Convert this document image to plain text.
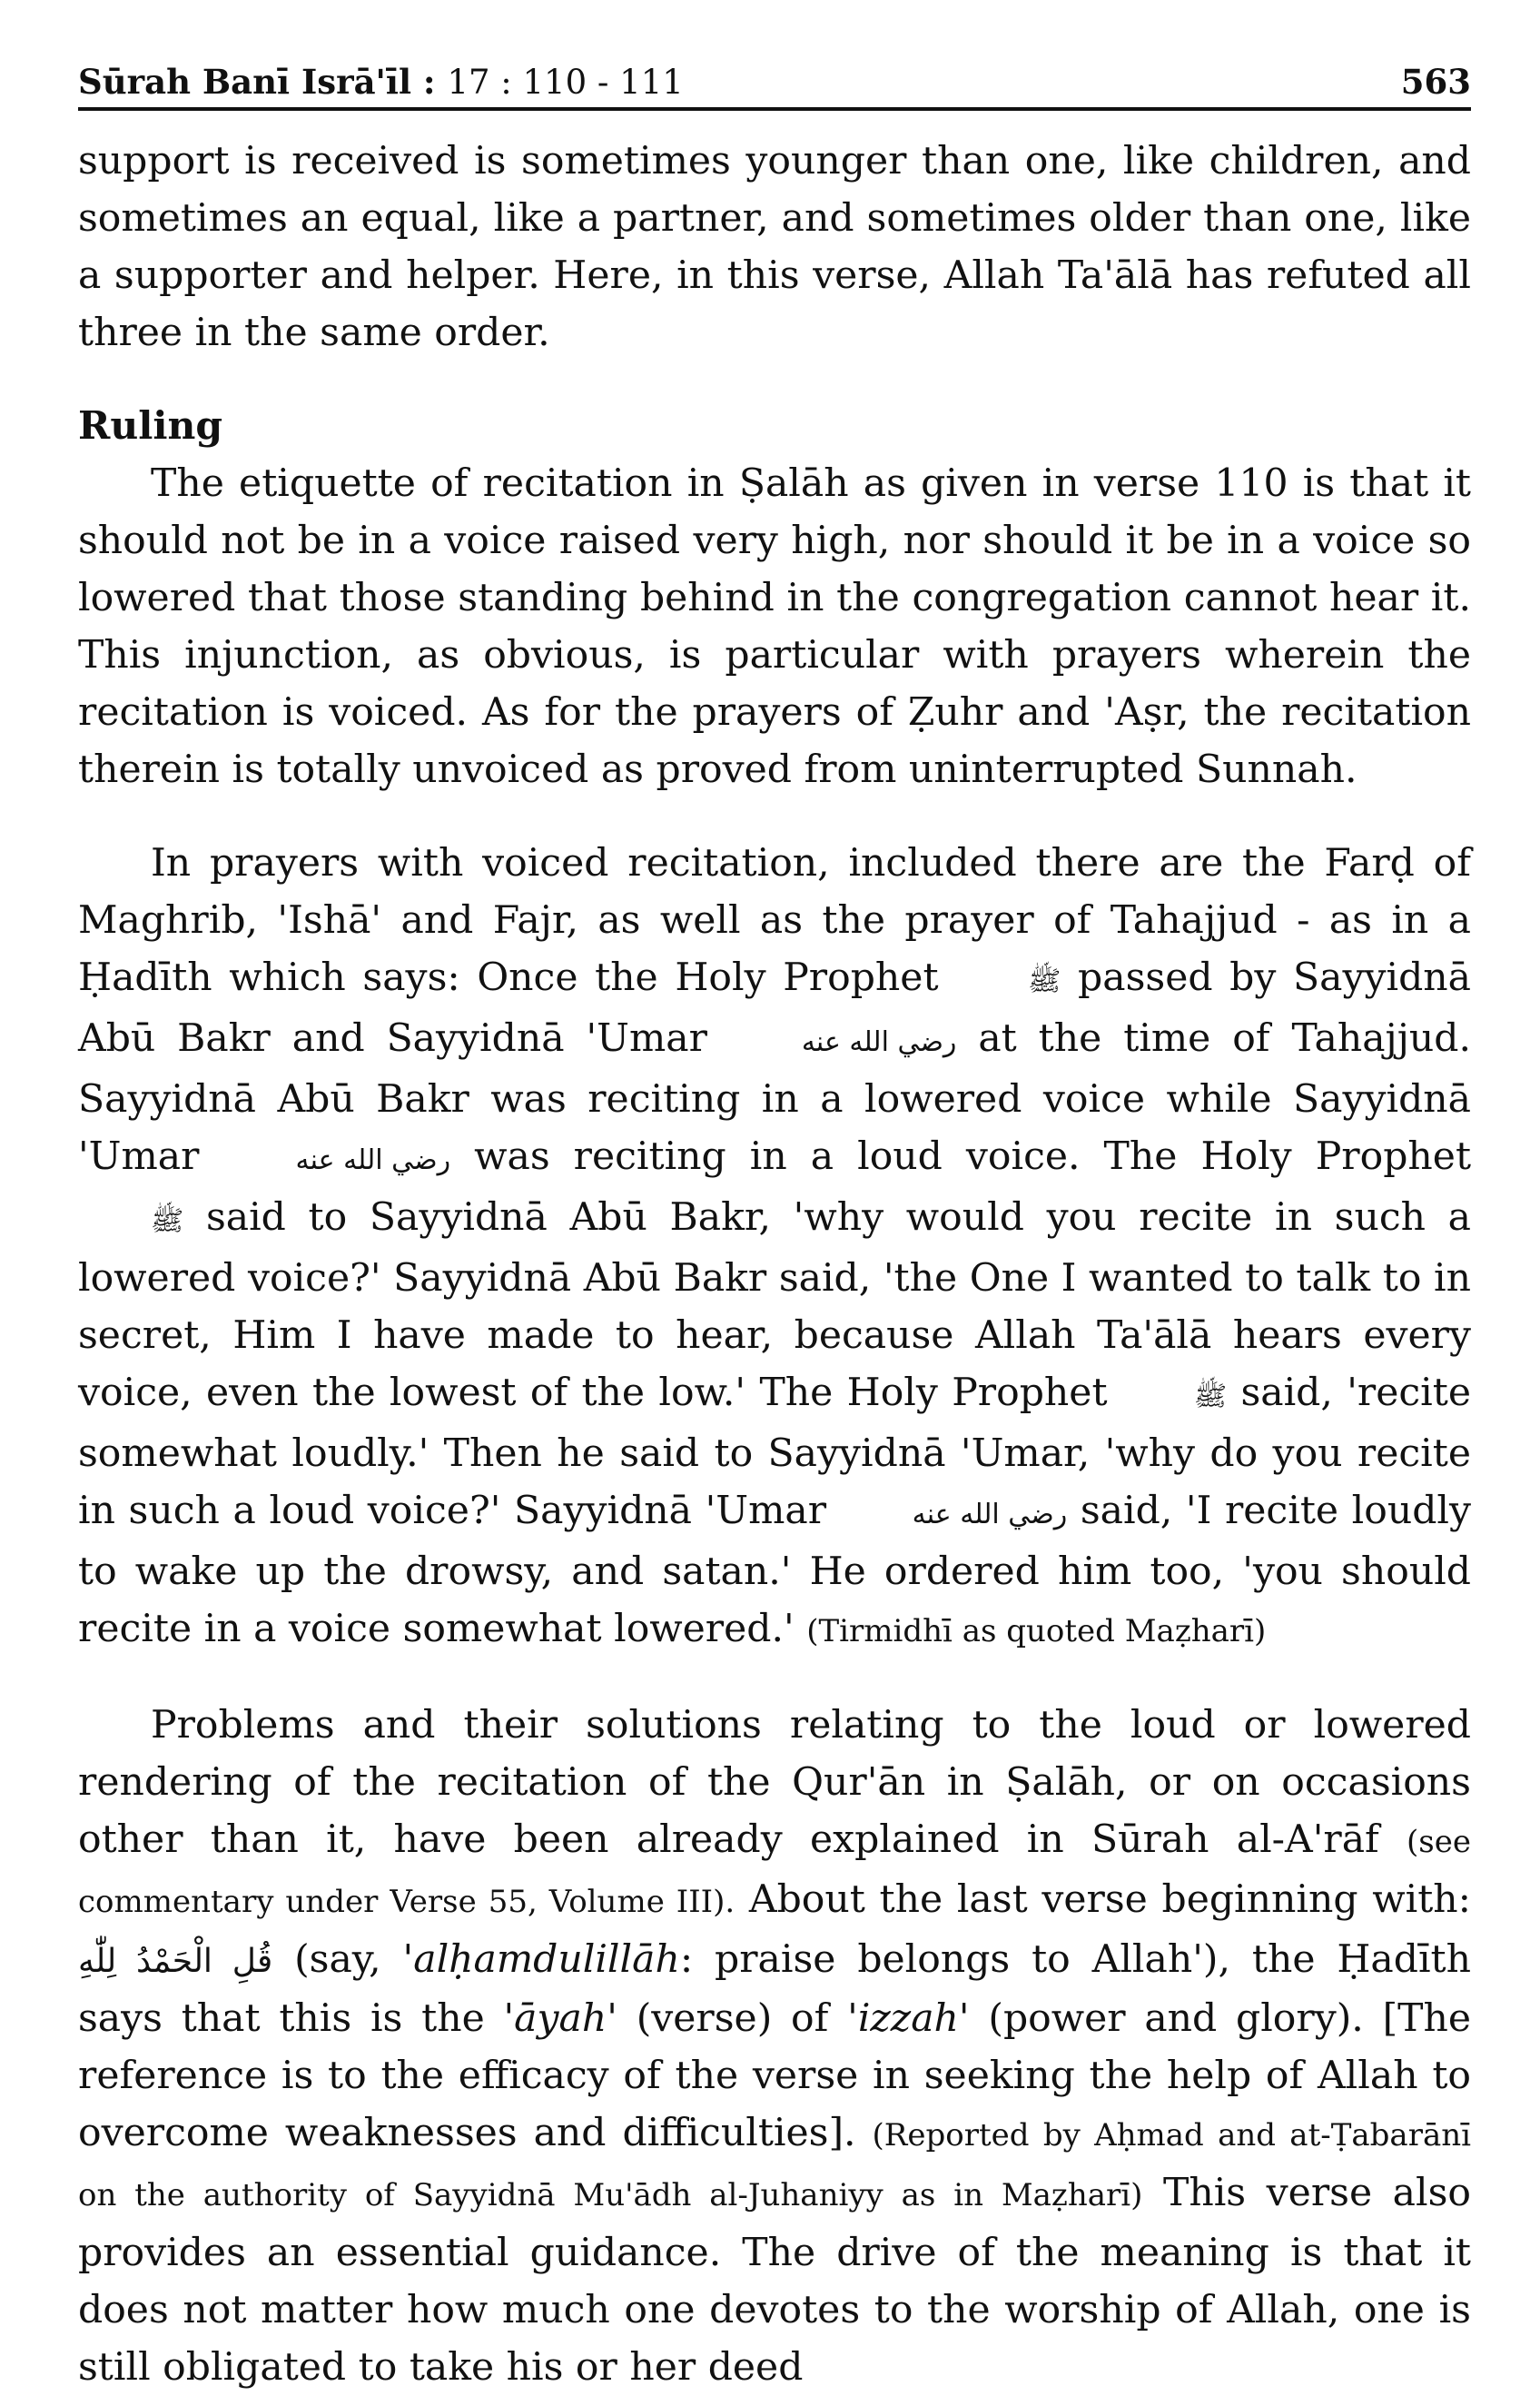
Sūrah Banī Isrā'īl : 17 : 110 - 111	563

support is received is sometimes younger than one, like children, and sometimes an equal, like a partner, and sometimes older than one, like a supporter and helper. Here, in this verse, Allah Ta'ālā has refuted all three in the same order.

Ruling

The etiquette of recitation in Ṣalāh as given in verse 110 is that it should not be in a voice raised very high, nor should it be in a voice so lowered that those standing behind in the congregation cannot hear it. This injunction, as obvious, is particular with prayers wherein the recitation is voiced. As for the prayers of Ẓuhr and 'Aṣr, the recitation therein is totally unvoiced as proved from uninterrupted Sunnah.

In prayers with voiced recitation, included there are the Farḍ of Maghrib, 'Ishā' and Fajr, as well as the prayer of Tahajjud - as in a Ḥadīth which says: Once the Holy Prophet	ﷺ passed by Sayyidnā Abū Bakr and Sayyidnā 'Umar	رضي الله عنه at the time of Tahajjud. Sayyidnā Abū Bakr was reciting in a lowered voice while Sayyidnā 'Umar	رضي الله عنه was reciting in a loud voice. The Holy Prophet ﷺ said to Sayyidnā Abū Bakr, 'why would you recite in such a lowered voice?' Sayyidnā Abū Bakr said, 'the One I wanted to talk to in secret, Him I have made to hear, because Allah Ta'ālā hears every voice, even the lowest of the low.' The Holy Prophet	ﷺ said, 'recite somewhat loudly.' Then he said to Sayyidnā 'Umar, 'why do you recite in such a loud voice?' Sayyidnā 'Umar	رضي الله عنه said, 'I recite loudly to wake up the drowsy, and satan.' He ordered him too, 'you should recite in a voice somewhat lowered.' (Tirmidhī as quoted Maẓharī)

Problems and their solutions relating to the loud or lowered rendering of the recitation of the Qur'ān in Ṣalāh, or on occasions other than it, have been already explained in Sūrah al-A'rāf (see commentary under Verse 55, Volume III). About the last verse beginning with: قُلِ الْحَمْدُ لِلّٰهِ (say, 'alḥamdulillāh: praise belongs to Allah'), the Ḥadīth says that this is the 'āyah' (verse) of 'izzah' (power and glory). [The reference is to the efficacy of the verse in seeking the help of Allah to overcome weaknesses and difficulties]. (Reported by Aḥmad and at-Ṭabarānī on the authority of Sayyidnā Mu'ādh al-Juhaniyy as in Maẓharī) This verse also provides an essential guidance. The drive of the meaning is that it does not matter how much one devotes to the worship of Allah, one is still obligated to take his or her deed
